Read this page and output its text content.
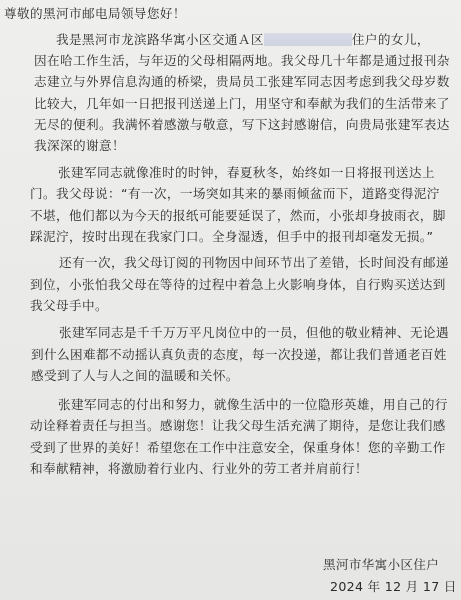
尊敬的黑河市邮电局领导您好！
我是黑河市龙滨路华寓小区交通Ａ区	住户的女儿，
因在哈工作生活，与年迈的父母相隔两地。我父母几十年都是通过报刊杂
志建立与外界信息沟通的桥梁，贵局员工张建军同志因考虑到我父母岁数
比较大，几年如一日把报刊送递上门，用坚守和奉献为我们的生活带来了
无尽的便利。我满怀着感激与敬意，写下这封感谢信，向贵局张建军表达
我深深的谢意！
张建军同志就像准时的时钟，春夏秋冬，始终如一日将报刊送达上
门。我父母说：“有一次，一场突如其来的暴雨倾盆而下，道路变得泥泞
不堪，他们都以为今天的报纸可能要延误了，然而，小张却身披雨衣，脚
踩泥泞，按时出现在我家门口。全身湿透，但手中的报刊却毫发无损。”
还有一次，我父母订阅的刊物因中间环节出了差错，长时间没有邮递
到位，小张怕我父母在等待的过程中着急上火影响身体，自行购买送达到
我父母手中。
张建军同志是千千万万平凡岗位中的一员，但他的敬业精神、无论遇
到什么困难都不动摇认真负责的态度，每一次投递，都让我们普通老百姓
感受到了人与人之间的温暖和关怀。
张建军同志的付出和努力，就像生活中的一位隐形英雄，用自己的行
动诠释着责任与担当。感谢您！让我父母生活充满了期待，是您让我们感
受到了世界的美好！希望您在工作中注意安全，保重身体！您的辛勤工作
和奉献精神，将激励着行业内、行业外的劳工者并肩前行！
黑河市华寓小区住户
2024 年 12 月 17 日
